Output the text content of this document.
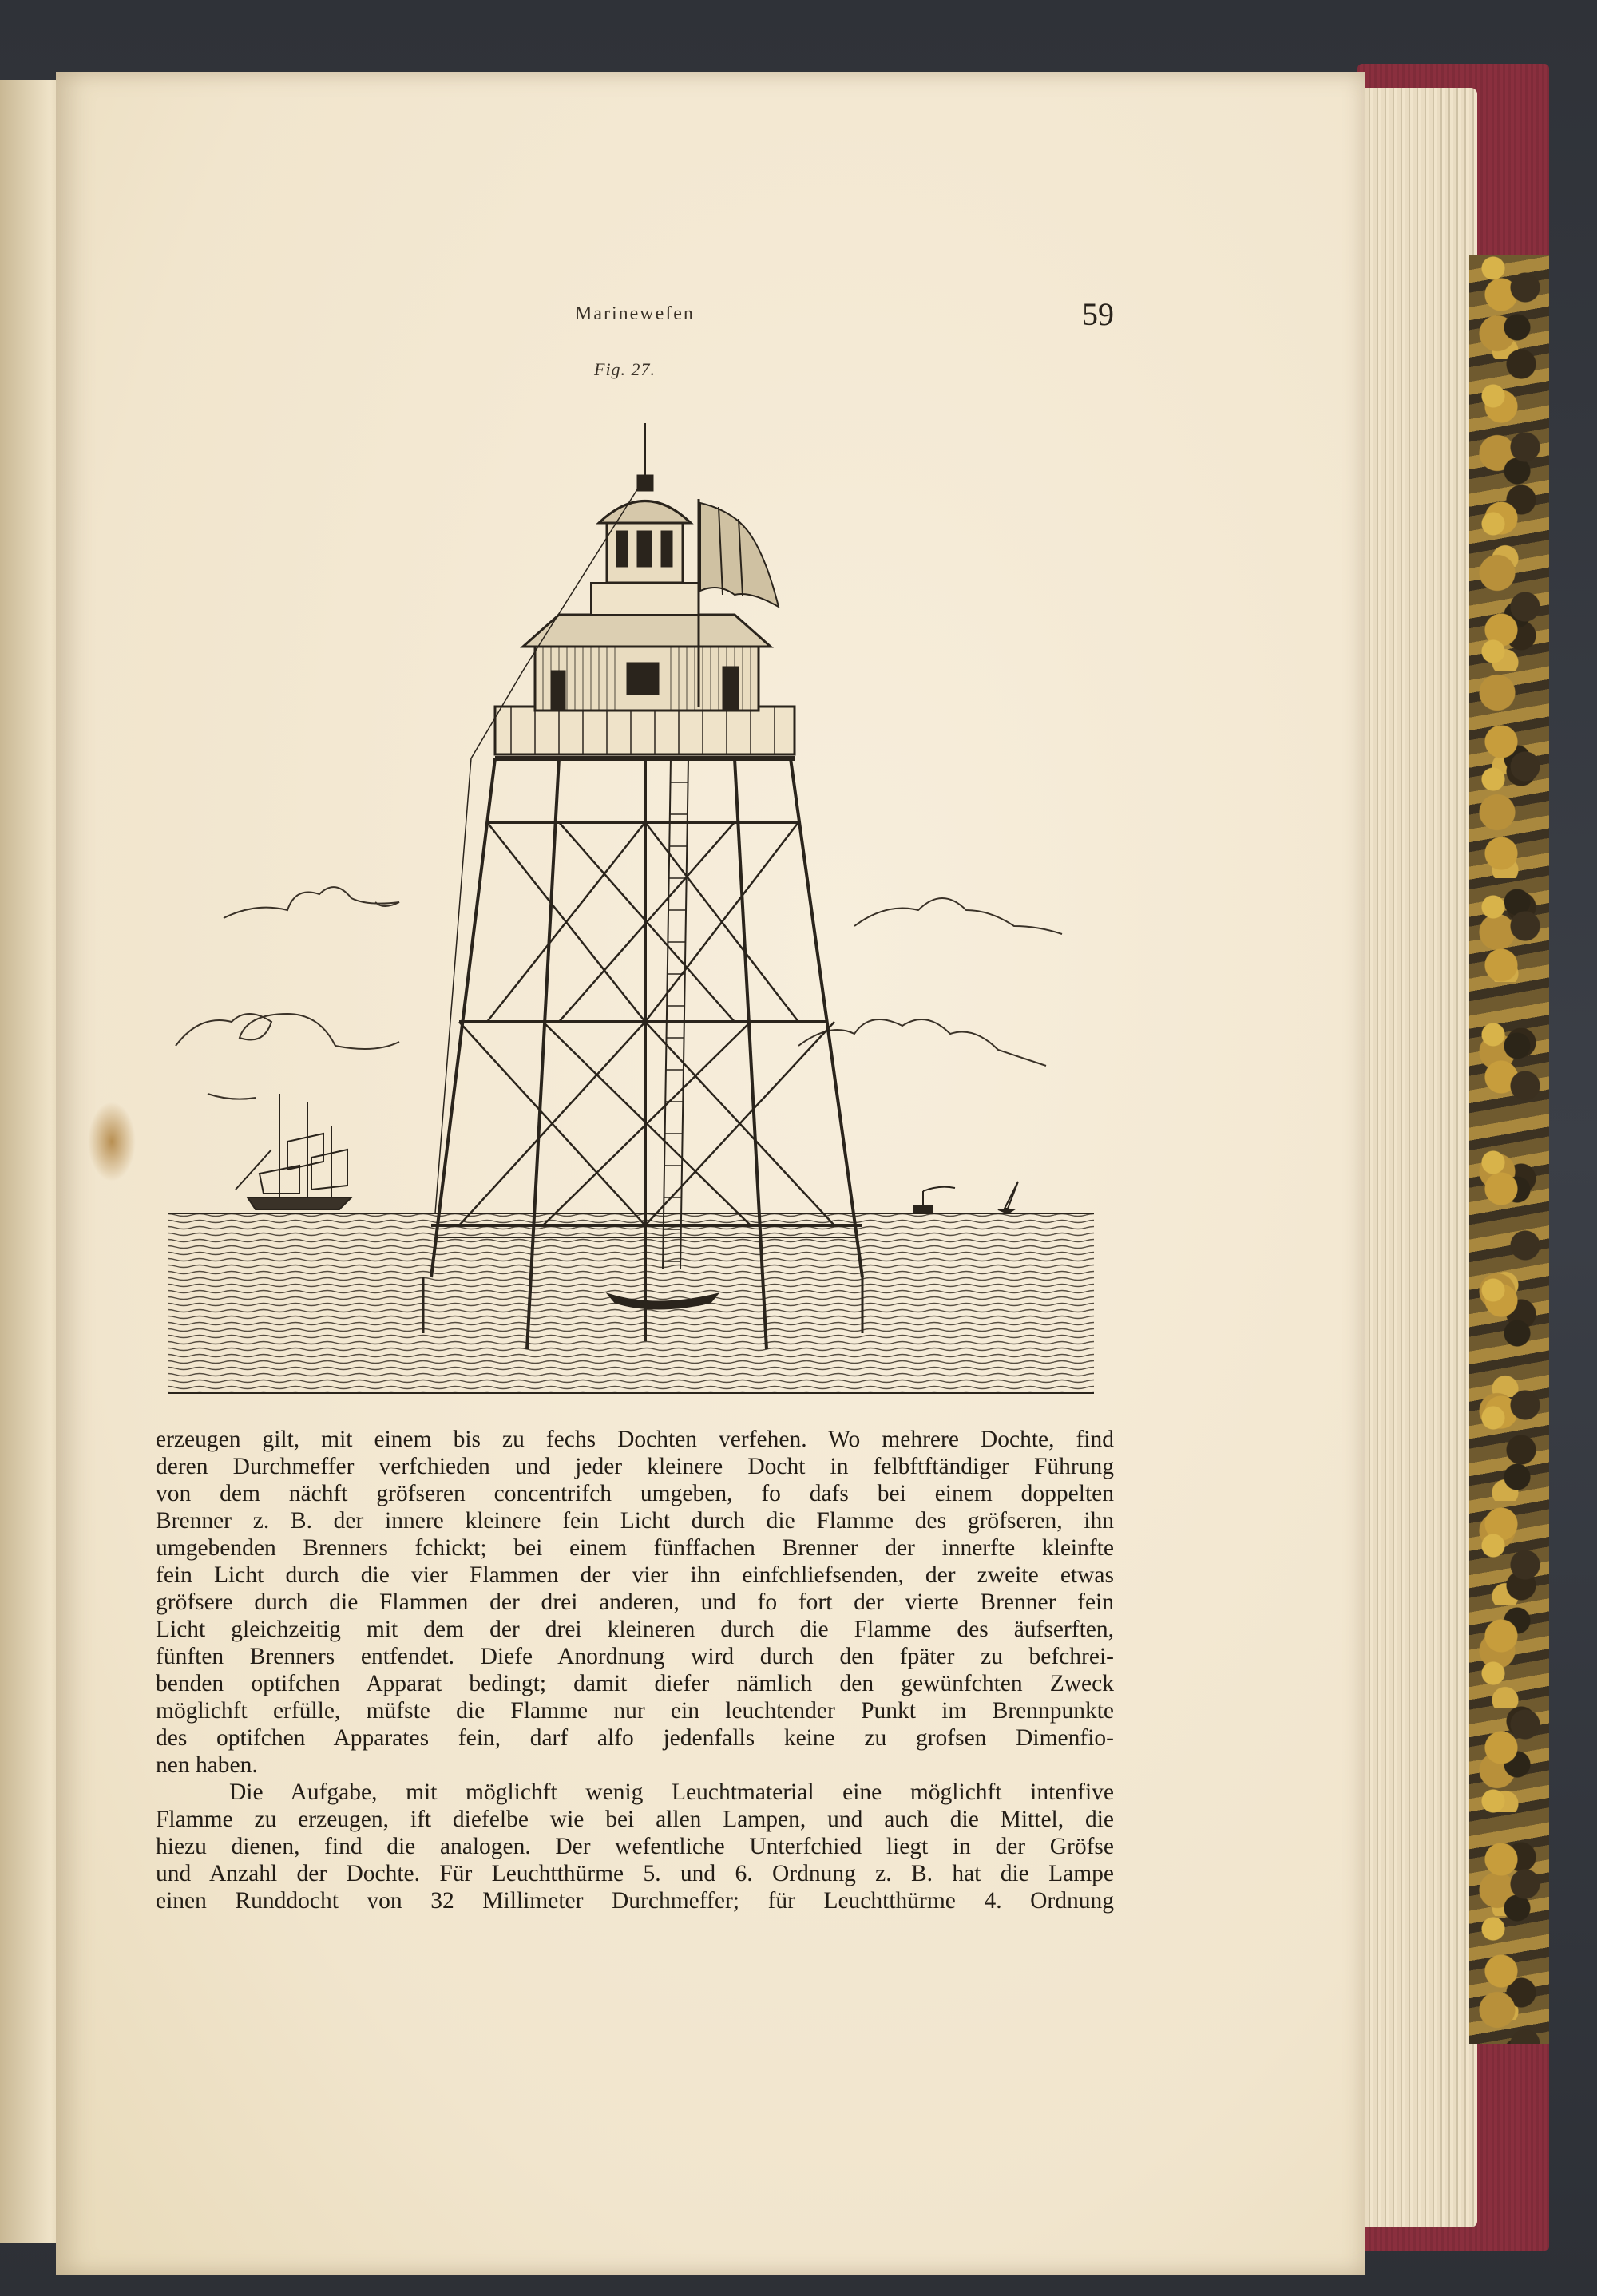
Marinewefen	59
Fig. 27.
erzeugen gilt, mit einem bis zu fechs Dochten verfehen. Wo mehrere Dochte, find
deren Durchmeffer verfchieden und jeder kleinere Docht in felbftftändiger Führung
von dem nächft gröfseren concentrifch umgeben, fo dafs bei einem doppelten
Brenner z. B. der innere kleinere fein Licht durch die Flamme des gröfseren, ihn
umgebenden Brenners fchickt; bei einem fünffachen Brenner der innerfte kleinfte
fein Licht durch die vier Flammen der vier ihn einfchliefsenden, der zweite etwas
gröfsere durch die Flammen der drei anderen, und fo fort der vierte Brenner fein
Licht gleichzeitig mit dem der drei kleineren durch die Flamme des äufserften,
fünften Brenners entfendet. Diefe Anordnung wird durch den fpäter zu befchrei-
benden optifchen Apparat bedingt; damit diefer nämlich den gewünfchten Zweck
möglichft erfülle, müfste die Flamme nur ein leuchtender Punkt im Brennpunkte
des optifchen Apparates fein, darf alfo jedenfalls keine zu grofsen Dimenfio-
nen haben.
Die Aufgabe, mit möglichft wenig Leuchtmaterial eine möglichft intenfive
Flamme zu erzeugen, ift diefelbe wie bei allen Lampen, und auch die Mittel, die
hiezu dienen, find die analogen. Der wefentliche Unterfchied liegt in der Gröfse
und Anzahl der Dochte. Für Leuchtthürme 5. und 6. Ordnung z. B. hat die Lampe
einen Runddocht von 32 Millimeter Durchmeffer; für Leuchtthürme 4. Ordnung
